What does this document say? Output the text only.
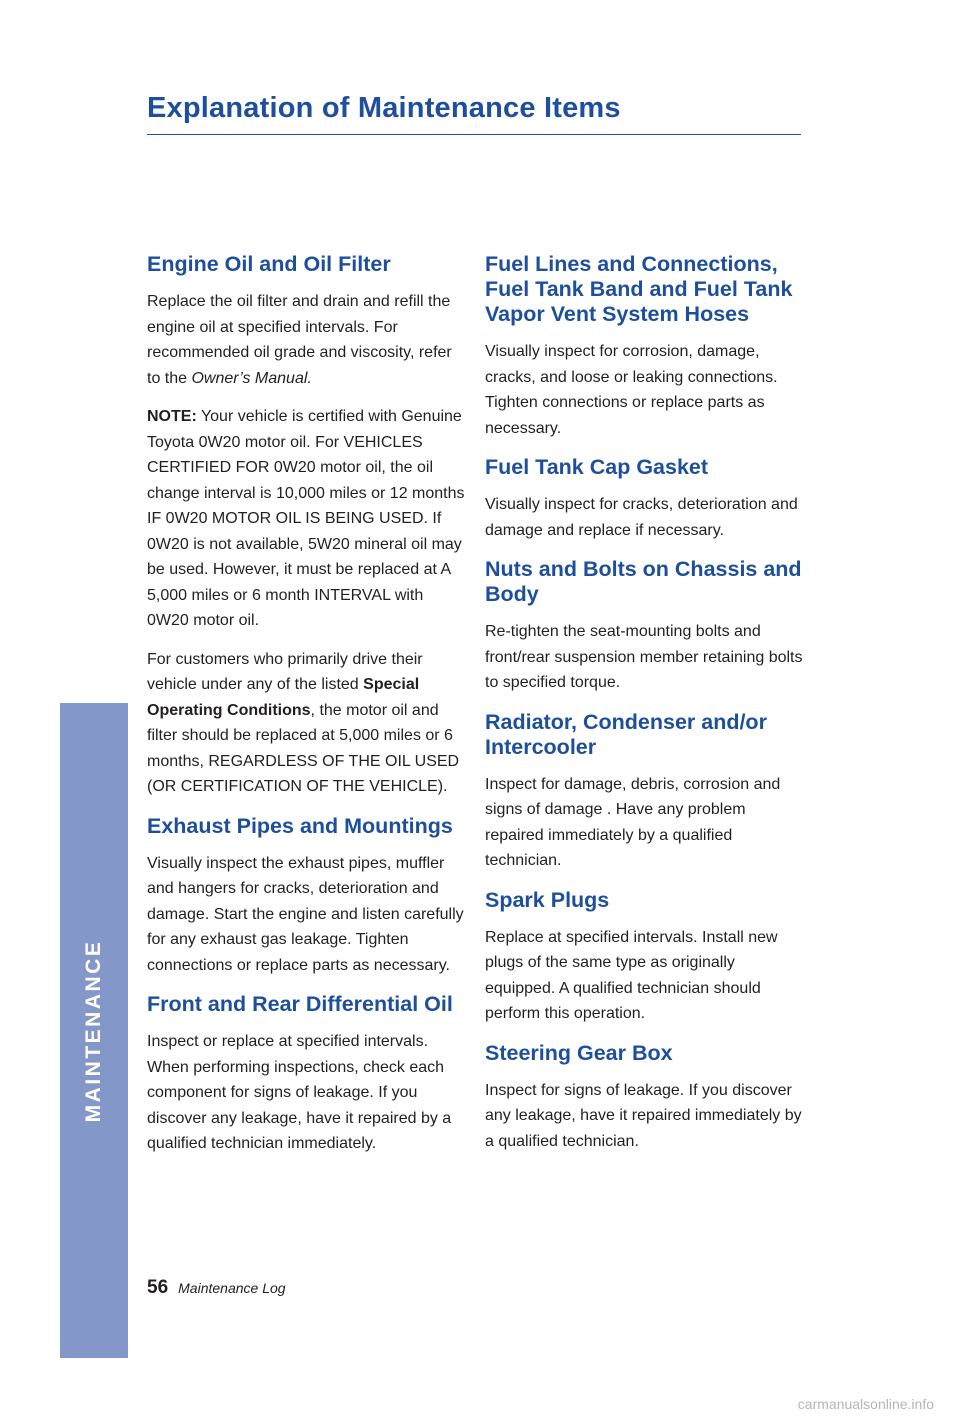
Explanation of Maintenance Items
MAINTENANCE
Engine Oil and Oil Filter

Replace the oil filter and drain and refill the engine oil at specified intervals. For recommended oil grade and viscosity, refer to the Owner’s Manual.

NOTE: Your vehicle is certified with Genuine Toyota 0W20 motor oil. For VEHICLES CERTIFIED FOR 0W20 motor oil, the oil change interval is 10,000 miles or 12 months IF 0W20 MOTOR OIL IS BEING USED. If 0W20 is not available, 5W20 mineral oil may be used. However, it must be replaced at A 5,000 miles or 6 month INTERVAL with 0W20 motor oil.

For customers who primarily drive their vehicle under any of the listed Special Operating Conditions, the motor oil and filter should be replaced at 5,000 miles or 6 months, REGARDLESS OF THE OIL USED (OR CERTIFICATION OF THE VEHICLE).

Exhaust Pipes and Mountings

Visually inspect the exhaust pipes, muffler and hangers for cracks, deterioration and damage. Start the engine and listen carefully for any exhaust gas leakage. Tighten connections or replace parts as necessary.

Front and Rear Differential Oil

Inspect or replace at specified intervals. When performing inspections, check each component for signs of leakage. If you discover any leakage, have it repaired by a qualified technician immediately.

Fuel Lines and Connections, Fuel Tank Band and Fuel Tank Vapor Vent System Hoses

Visually inspect for corrosion, damage, cracks, and loose or leaking connections. Tighten connections or replace parts as necessary.

Fuel Tank Cap Gasket

Visually inspect for cracks, deterioration and damage and replace if necessary.

Nuts and Bolts on Chassis and Body

Re-tighten the seat-mounting bolts and front/rear suspension member retaining bolts to specified torque.

Radiator, Condenser and/or Intercooler

Inspect for damage, debris, corrosion and signs of damage . Have any problem repaired immediately by a qualified technician.

Spark Plugs

Replace at specified intervals. Install new plugs of the same type as originally equipped. A qualified technician should perform this operation.

Steering Gear Box

Inspect for signs of leakage. If you discover any leakage, have it repaired immediately by a qualified technician.

56 Maintenance Log
carmanualsonline.info
